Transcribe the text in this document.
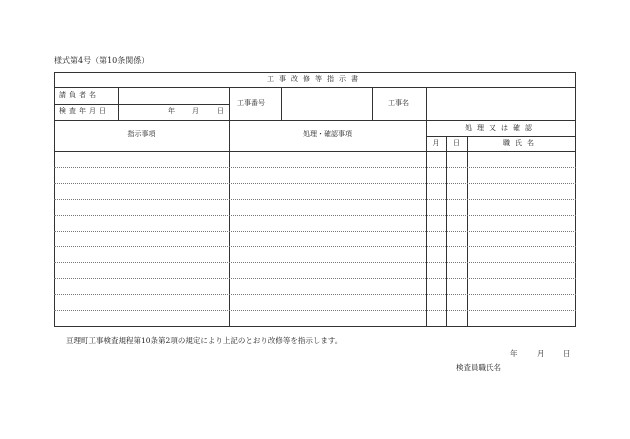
様式第4号（第10条関係）
工事改修等指示書
請負者名
検査年月日	年 月	日
工事番号	工事名
指示事項	処理・確認事項
処理又は確認
月	日	職氏名
亘理町工事検査規程第10条第2項の規定により上記のとおり改修等を指示します。
年	月 日
検査員職氏名
